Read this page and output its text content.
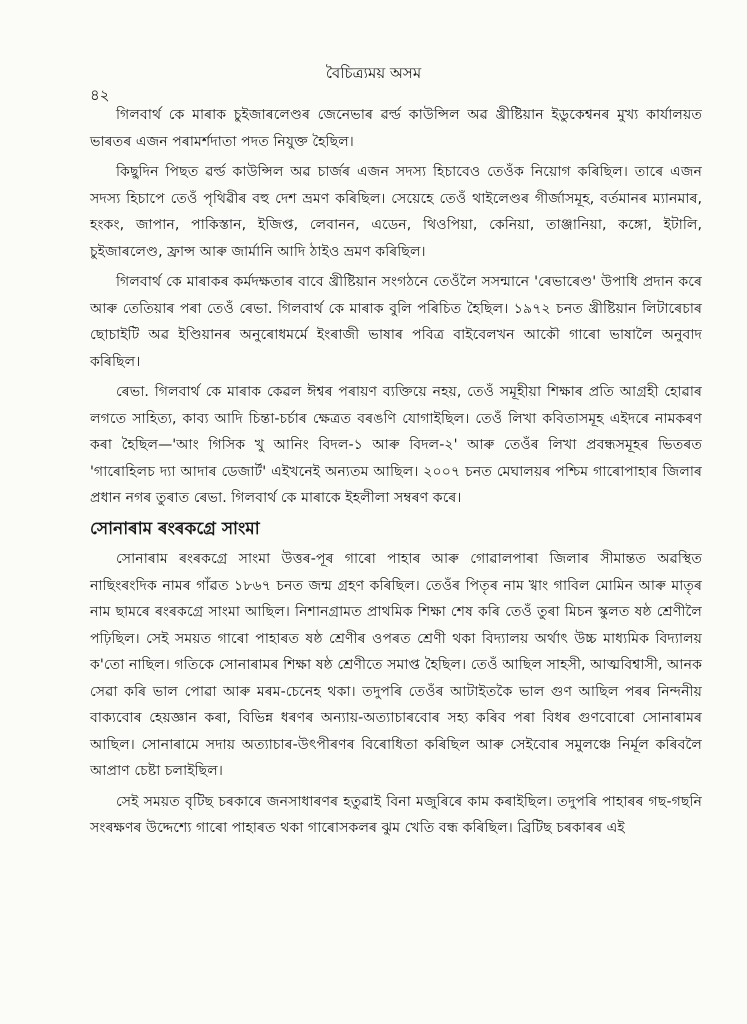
বৈচিত্ৰ্যময় অসম
৪২

গিলবাৰ্থ কে মাৰাক চুইজাৰলেণ্ডৰ জেনেভাৰ ৱৰ্ল্ড কাউন্সিল অৱ খ্ৰীষ্টিয়ান ইডুকেশ্বনৰ মুখ্য কাৰ্যালয়ত ভাৰতৰ এজন পৰামৰ্শদাতা পদত নিযুক্ত হৈছিল।

কিছুদিন পিছত ৱৰ্ল্ড কাউন্সিল অৱ চাৰ্জৰ এজন সদস্য হিচাবেও তেওঁক নিয়োগ কৰিছিল। তাৰে এজন সদস্য হিচাপে তেওঁ পৃথিৱীৰ বহু দেশ ভ্ৰমণ কৰিছিল। সেয়েহে তেওঁ থাইলেণ্ডৰ গীৰ্জাসমূহ, বৰ্তমানৰ ম্যানমাৰ, হংকং, জাপান, পাকিস্তান, ইজিপ্ত, লেবানন, এডেন, থিওপিয়া, কেনিয়া, তাঞ্জানিয়া, কঙ্গো, ইটালি, চুইজাৰলেণ্ড, ফ্ৰান্স আৰু জাৰ্মানি আদি ঠাইও ভ্ৰমণ কৰিছিল।

গিলবাৰ্থ কে মাৰাকৰ কৰ্মদক্ষতাৰ বাবে খ্ৰীষ্টিয়ান সংগঠনে তেওঁলৈ সসন্মানে 'ৰেভাৰেণ্ড' উপাধি প্ৰদান কৰে আৰু তেতিয়াৰ পৰা তেওঁ ৰেভা. গিলবাৰ্থ কে মাৰাক বুলি পৰিচিত হৈছিল। ১৯৭২ চনত খ্ৰীষ্টিয়ান লিটাৰেচাৰ ছোচাইটি অৱ ইণ্ডিয়ানৰ অনুৰোধমৰ্মে ইংৰাজী ভাষাৰ পবিত্ৰ বাইবেলখন আকৌ গাৰো ভাষালৈ অনুবাদ কৰিছিল।

ৰেভা. গিলবাৰ্থ কে মাৰাক কেৱল ঈশ্বৰ পৰায়ণ ব্যক্তিয়ে নহয়, তেওঁ সমূহীয়া শিক্ষাৰ প্ৰতি আগ্ৰহী হোৱাৰ লগতে সাহিত্য, কাব্য আদি চিন্তা-চৰ্চাৰ ক্ষেত্ৰত বৰঙণি যোগাইছিল। তেওঁ লিখা কবিতাসমূহ এইদৰে নামকৰণ কৰা হৈছিল—'আং গিসিক খু আনিং বিদল-১ আৰু বিদল-২' আৰু তেওঁৰ লিখা প্ৰবন্ধসমূহৰ ভিতৰত 'গাৰোহিলচ দ্যা আদাৰ ডেজাৰ্ট' এইখনেই অন্যতম আছিল। ২০০৭ চনত মেঘালয়ৰ পশ্চিম গাৰোপাহাৰ জিলাৰ প্ৰধান নগৰ তুৰাত ৰেভা. গিলবাৰ্থ কে মাৰাকে ইহলীলা সম্বৰণ কৰে।

সোনাৰাম ৰংৰকগ্ৰে সাংমা

সোনাৰাম ৰংৰকগ্ৰে সাংমা উত্তৰ-পূৰ গাৰো পাহাৰ আৰু গোৱালপাৰা জিলাৰ সীমান্তত অৱস্থিত নাছিংৰংদিক নামৰ গাঁৱত ১৮৬৭ চনত জন্ম গ্ৰহণ কৰিছিল। তেওঁৰ পিতৃৰ নাম খ্বাং গাবিল মোমিন আৰু মাতৃৰ নাম ছামৰে ৰংৰকগ্ৰে সাংমা আছিল। নিশানগ্ৰামত প্ৰাথমিক শিক্ষা শেষ কৰি তেওঁ তুৰা মিচন স্কুলত ষষ্ঠ শ্ৰেণীলৈ পঢ়িছিল। সেই সময়ত গাৰো পাহাৰত ষষ্ঠ শ্ৰেণীৰ ওপৰত শ্ৰেণী থকা বিদ্যালয় অৰ্থাৎ উচ্চ মাধ্যমিক বিদ্যালয় ক'তো নাছিল। গতিকে সোনাৰামৰ শিক্ষা ষষ্ঠ শ্ৰেণীতে সমাপ্ত হৈছিল। তেওঁ আছিল সাহসী, আত্মবিশ্বাসী, আনক সেৱা কৰি ভাল পোৱা আৰু মৰম-চেনেহ থকা। তদুপৰি তেওঁৰ আটাইতকৈ ভাল গুণ আছিল পৰৰ নিন্দনীয় বাক্যবোৰ হেয়জ্ঞান কৰা, বিভিন্ন ধৰণৰ অন্যায়-অত্যাচাৰবোৰ সহ্য কৰিব পৰা বিধৰ গুণবোৰো সোনাৰামৰ আছিল। সোনাৰামে সদায় অত্যাচাৰ-উৎপীৰণৰ বিৰোধিতা কৰিছিল আৰু সেইবোৰ সমুলঞ্চে নিৰ্মূল কৰিবলৈ আপ্ৰাণ চেষ্টা চলাইছিল।

সেই সময়ত বৃটিছ চৰকাৰে জনসাধাৰণৰ হতুৱাই বিনা মজুৰিৰে কাম কৰাইছিল। তদুপৰি পাহাৰৰ গছ-গছনি সংৰক্ষণৰ উদ্দেশ্যে গাৰো পাহাৰত থকা গাৰোসকলৰ ঝুম খেতি বন্ধ কৰিছিল। ব্ৰিটিছ চৰকাৰৰ এই
